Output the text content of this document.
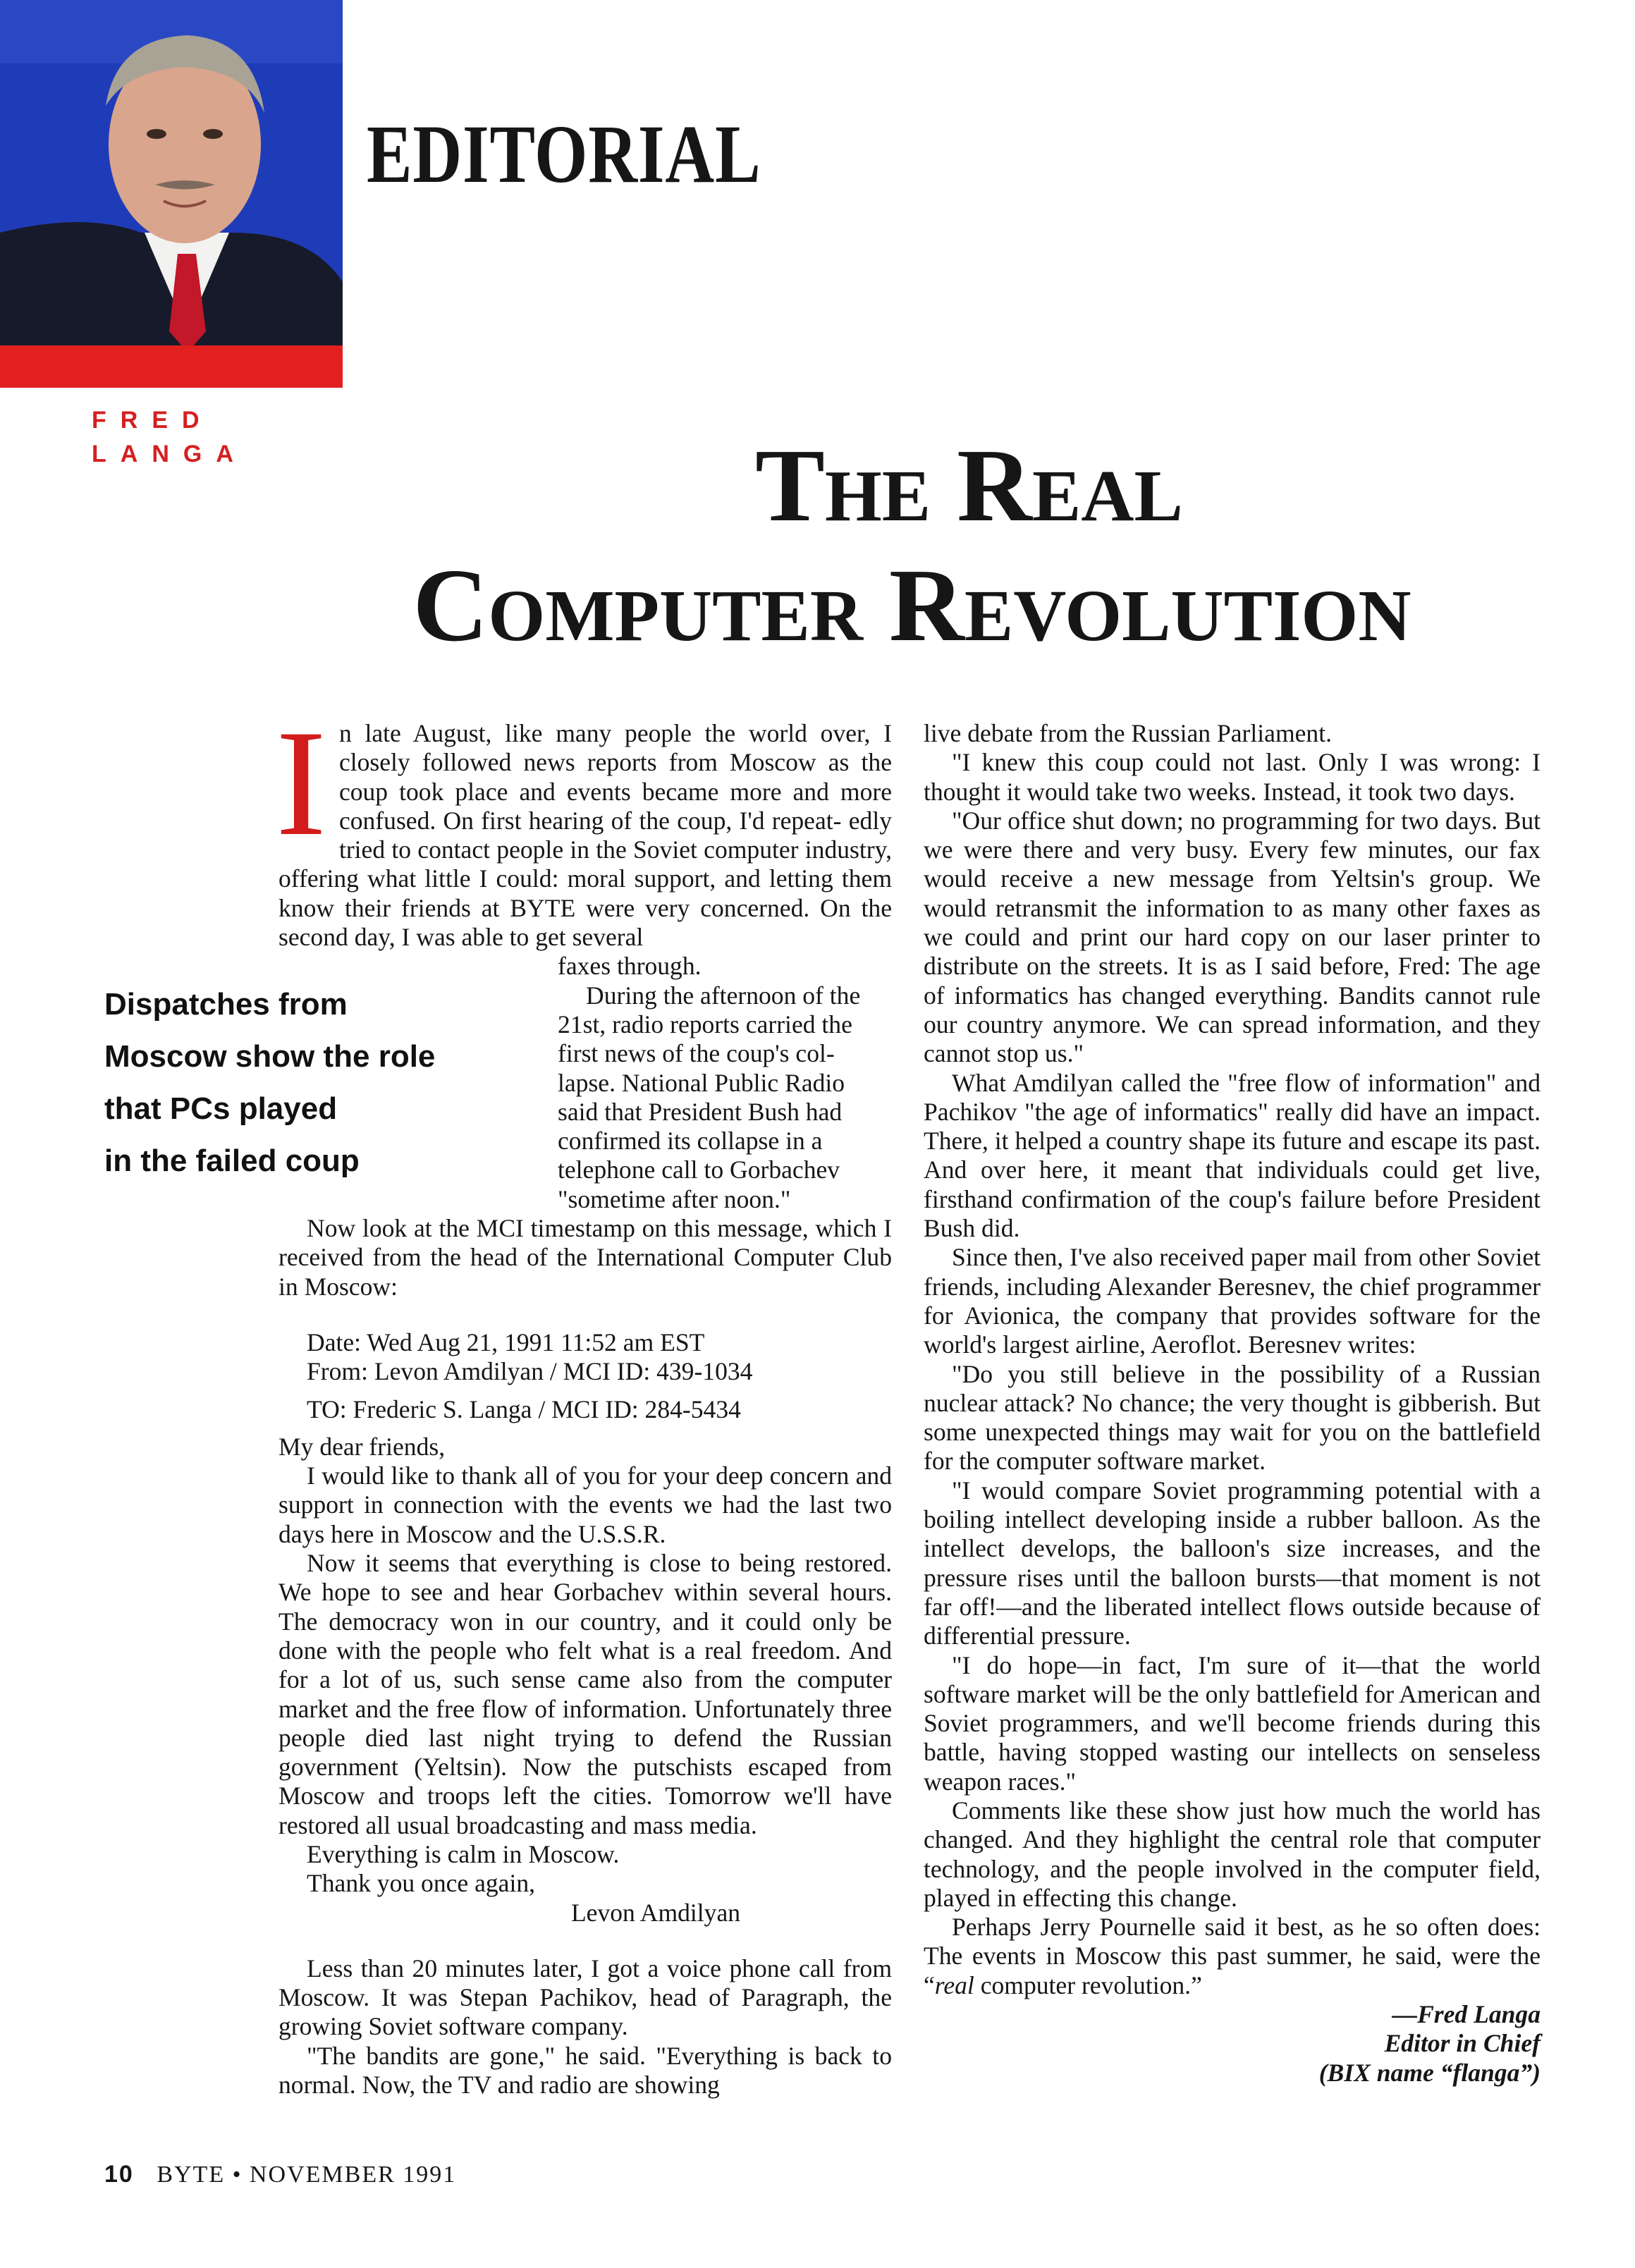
EDITORIAL
FRED
LANGA	The Real
Computer Revolution
Dispatches from
Moscow show the role
that PCs played
in the failed coup

I n late August, like many people the world over, I closely followed news reports from Moscow as the coup took place and events became more and more confused. On first hearing of the coup, I'd repeat- edly tried to contact people in the Soviet computer industry, offering what little I could: moral support, and letting them know their friends at BYTE were very concerned. On the second day, I was able to get several

faxes through.
During the afternoon of the
21st, radio reports carried the
first news of the coup's col-
lapse. National Public Radio
said that President Bush had
confirmed its collapse in a
telephone call to Gorbachev
"sometime after noon."

Now look at the MCI timestamp on this message, which I received from the head of the International Computer Club in Moscow:

Date: Wed Aug 21, 1991 11:52 am EST

From: Levon Amdilyan / MCI ID: 439-1034

TO: Frederic S. Langa / MCI ID: 284-5434

My dear friends,

I would like to thank all of you for your deep concern and support in connection with the events we had the last two days here in Moscow and the U.S.S.R.

Now it seems that everything is close to being restored. We hope to see and hear Gorbachev within several hours. The democracy won in our country, and it could only be done with the people who felt what is a real freedom. And for a lot of us, such sense came also from the computer market and the free flow of information. Unfortunately three people died last night trying to defend the Russian government (Yeltsin). Now the putschists escaped from Moscow and troops left the cities. Tomorrow we'll have restored all usual broadcasting and mass media.

Everything is calm in Moscow.

Thank you once again,

Levon Amdilyan

Less than 20 minutes later, I got a voice phone call from Moscow. It was Stepan Pachikov, head of Paragraph, the growing Soviet software company.

"The bandits are gone," he said. "Everything is back to normal. Now, the TV and radio are showing

live debate from the Russian Parliament.

"I knew this coup could not last. Only I was wrong: I thought it would take two weeks. Instead, it took two days.

"Our office shut down; no programming for two days. But we were there and very busy. Every few minutes, our fax would receive a new message from Yeltsin's group. We would retransmit the information to as many other faxes as we could and print our hard copy on our laser printer to distribute on the streets. It is as I said before, Fred: The age of informatics has changed everything. Bandits cannot rule our country anymore. We can spread information, and they cannot stop us."

What Amdilyan called the "free flow of information" and Pachikov "the age of informatics" really did have an impact. There, it helped a country shape its future and escape its past. And over here, it meant that individuals could get live, firsthand confirmation of the coup's failure before President Bush did.

Since then, I've also received paper mail from other Soviet friends, including Alexander Beresnev, the chief programmer for Avionica, the company that provides software for the world's largest airline, Aeroflot. Beresnev writes:

"Do you still believe in the possibility of a Russian nuclear attack? No chance; the very thought is gibberish. But some unexpected things may wait for you on the battlefield for the computer software market.

"I would compare Soviet programming potential with a boiling intellect developing inside a rubber balloon. As the intellect develops, the balloon's size increases, and the pressure rises until the balloon bursts—that moment is not far off!—and the liberated intellect flows outside because of differential pressure.

"I do hope—in fact, I'm sure of it—that the world software market will be the only battlefield for American and Soviet programmers, and we'll become friends during this battle, having stopped wasting our intellects on senseless weapon races."

Comments like these show just how much the world has changed. And they highlight the central role that computer technology, and the people involved in the computer field, played in effecting this change.

Perhaps Jerry Pournelle said it best, as he so often does: The events in Moscow this past summer, he said, were the “real computer revolution.”

—Fred Langa
Editor in Chief
(BIX name “flanga”)
10 BYTE • NOVEMBER 1991
